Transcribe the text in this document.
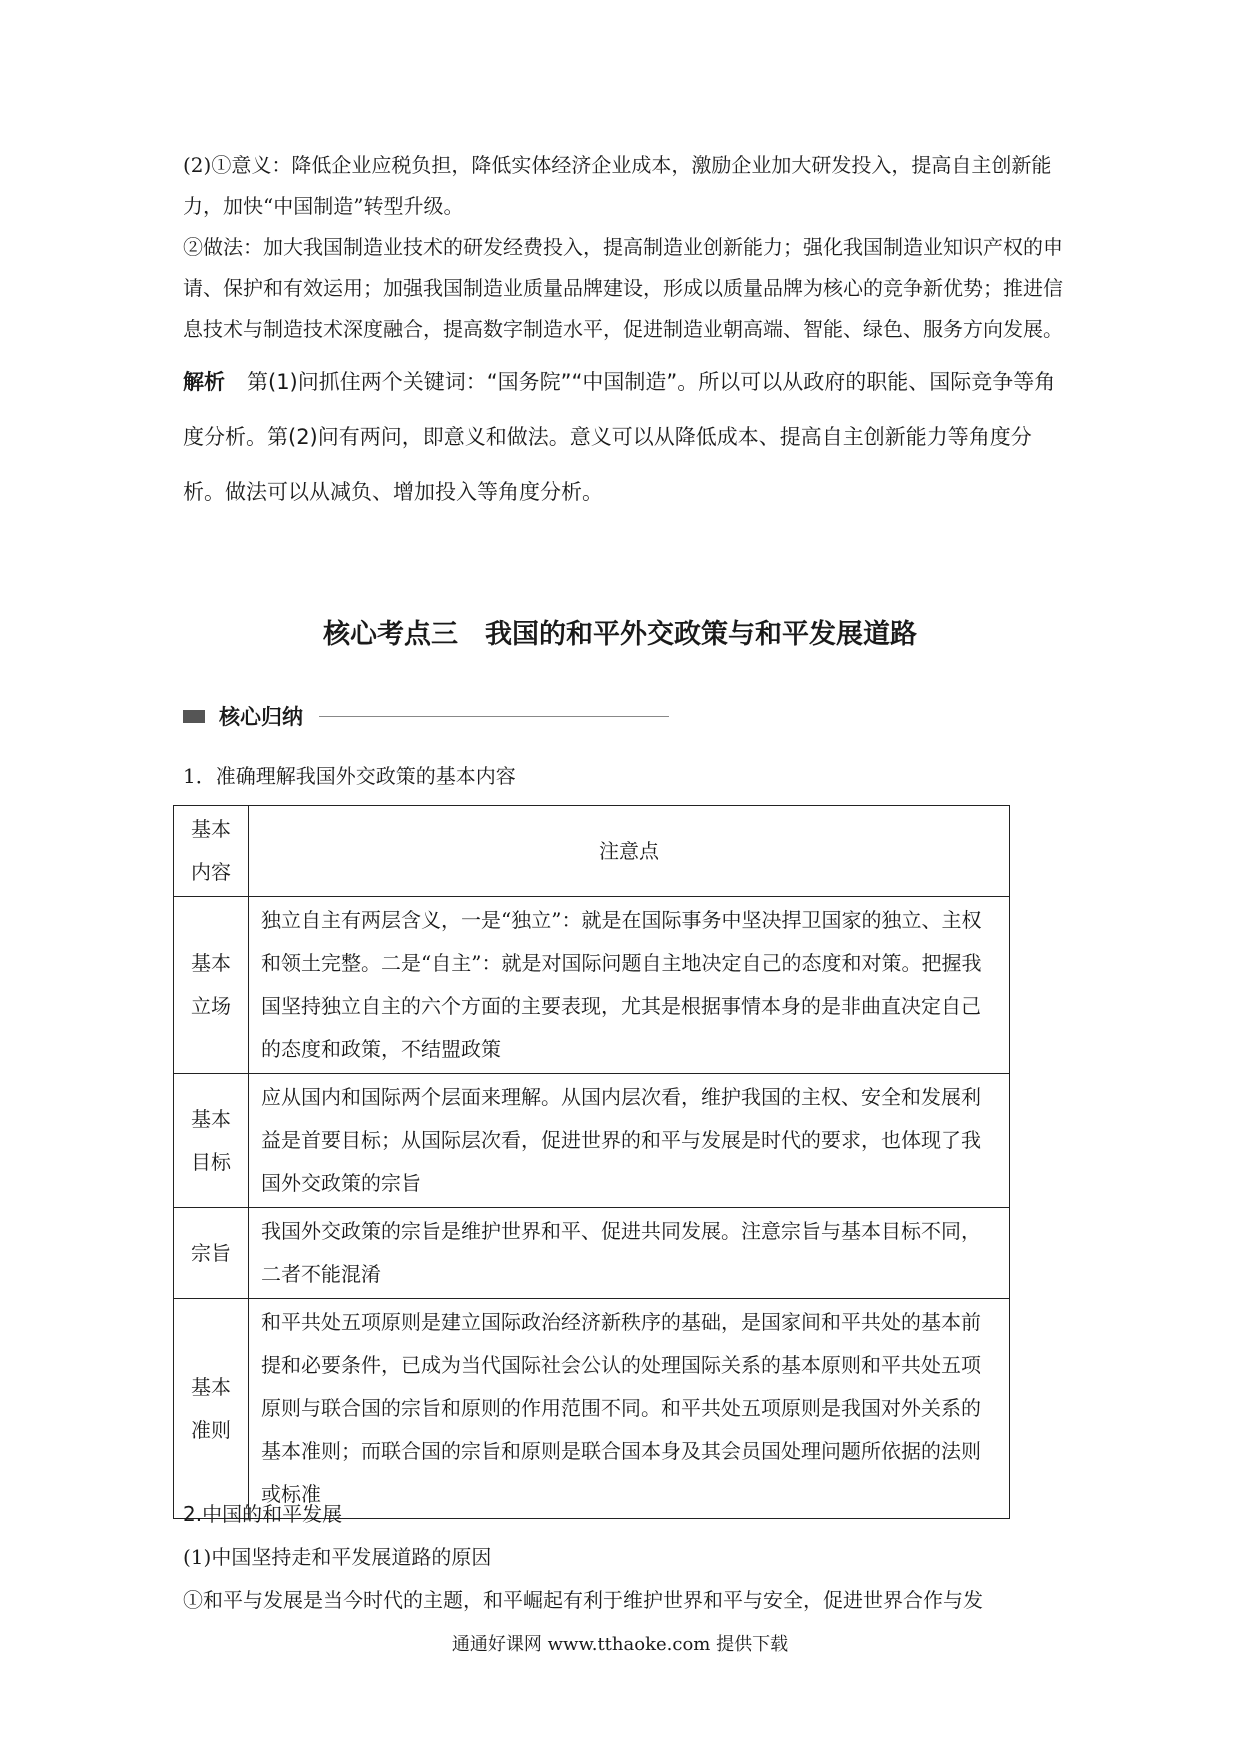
(2)①意义：降低企业应税负担，降低实体经济企业成本，激励企业加大研发投入，提高自主创新能力，加快“中国制造”转型升级。

②做法：加大我国制造业技术的研发经费投入，提高制造业创新能力；强化我国制造业知识产权的申请、保护和有效运用；加强我国制造业质量品牌建设，形成以质量品牌为核心的竞争新优势；推进信息技术与制造技术深度融合，提高数字制造水平，促进制造业朝高端、智能、绿色、服务方向发展。

解析 第(1)问抓住两个关键词：“国务院”“中国制造”。所以可以从政府的职能、国际竞争等角度分析。第(2)问有两问，即意义和做法。意义可以从降低成本、提高自主创新能力等角度分析。做法可以从减负、增加投入等角度分析。
核心考点三　我国的和平外交政策与和平发展道路
核心归纳
1．准确理解我国外交政策的基本内容
基本内容	注意点
基本立场	独立自主有两层含义，一是“独立”：就是在国际事务中坚决捍卫国家的独立、主权和领土完整。二是“自主”：就是对国际问题自主地决定自己的态度和对策。把握我国坚持独立自主的六个方面的主要表现，尤其是根据事情本身的是非曲直决定自己的态度和政策，不结盟政策
基本目标	应从国内和国际两个层面来理解。从国内层次看，维护我国的主权、安全和发展利益是首要目标；从国际层次看，促进世界的和平与发展是时代的要求，也体现了我国外交政策的宗旨
宗旨	我国外交政策的宗旨是维护世界和平、促进共同发展。注意宗旨与基本目标不同，二者不能混淆
基本准则	和平共处五项原则是建立国际政治经济新秩序的基础，是国家间和平共处的基本前提和必要条件，已成为当代国际社会公认的处理国际关系的基本原则和平共处五项原则与联合国的宗旨和原则的作用范围不同。和平共处五项原则是我国对外关系的基本准则；而联合国的宗旨和原则是联合国本身及其会员国处理问题所依据的法则或标准

2.中国的和平发展

(1)中国坚持走和平发展道路的原因

①和平与发展是当今时代的主题，和平崛起有利于维护世界和平与安全，促进世界合作与发

通通好课网 www.tthaoke.com 提供下载
